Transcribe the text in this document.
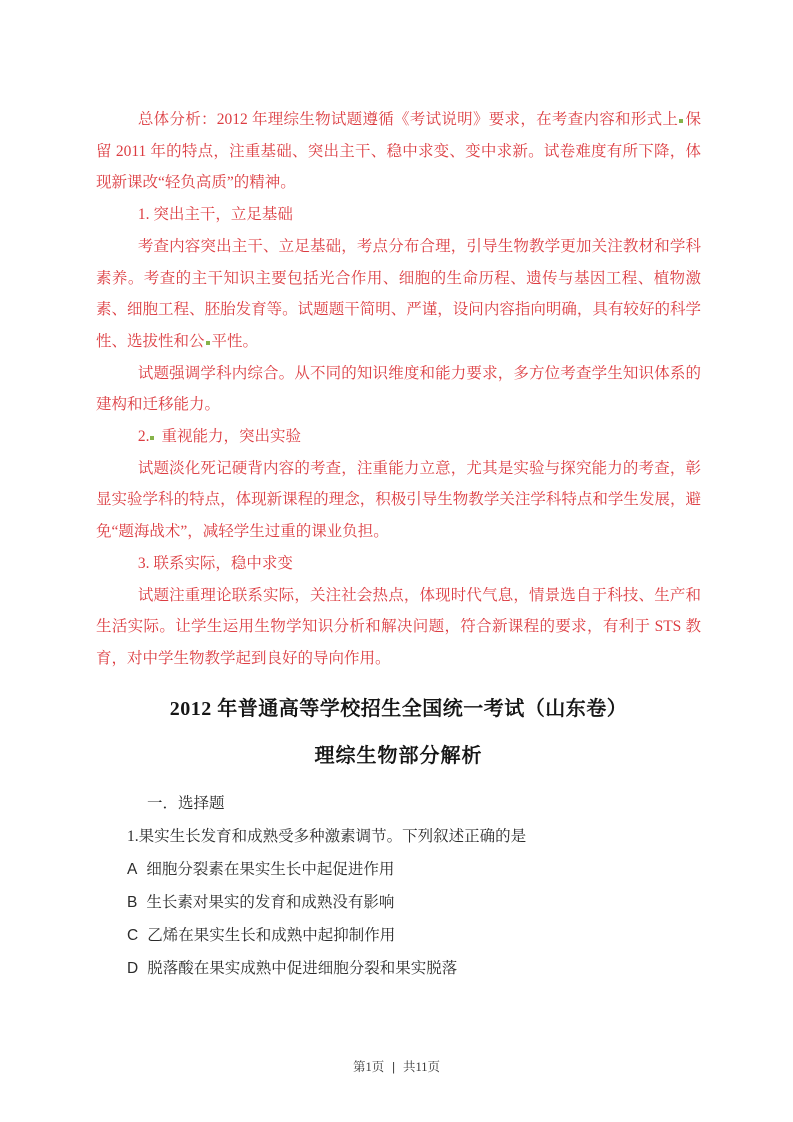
总体分析：2012 年理综生物试题遵循《考试说明》要求，在考查内容和形式上 保留 2011 年的特点，注重基础、突出主干、稳中求变、变中求新。试卷难度有所下降，体现新课改“轻负高质”的精神。

1. 突出主干，立足基础

考查内容突出主干、立足基础，考点分布合理，引导生物教学更加关注教材和学科素养。考查的主干知识主要包括光合作用、细胞的生命历程、遗传与基因工程、植物激素、细胞工程、胚胎发育等。试题题干简明、严谨，设问内容指向明确，具有较好的科学性、选拔性和公 平性。

试题强调学科内综合。从不同的知识维度和能力要求，多方位考查学生知识体系的建构和迁移能力。

2. 重视能力，突出实验

试题淡化死记硬背内容的考查，注重能力立意，尤其是实验与探究能力的考查，彰显实验学科的特点，体现新课程的理念，积极引导生物教学关注学科特点和学生发展，避免“题海战术”，减轻学生过重的课业负担。

3. 联系实际，稳中求变

试题注重理论联系实际，关注社会热点，体现时代气息，情景选自于科技、生产和生活实际。让学生运用生物学知识分析和解决问题，符合新课程的要求，有利于 STS 教育，对中学生物教学起到良好的导向作用。

2012 年普通高等学校招生全国统一考试（山东卷）
理综生物部分解析

一．选择题

1.果实生长发育和成熟受多种激素调节。下列叙述正确的是

A 细胞分裂素在果实生长中起促进作用

B 生长素对果实的发育和成熟没有影响

C 乙烯在果实生长和成熟中起抑制作用

D 脱落酸在果实成熟中促进细胞分裂和果实脱落

第1页 | 共11页
